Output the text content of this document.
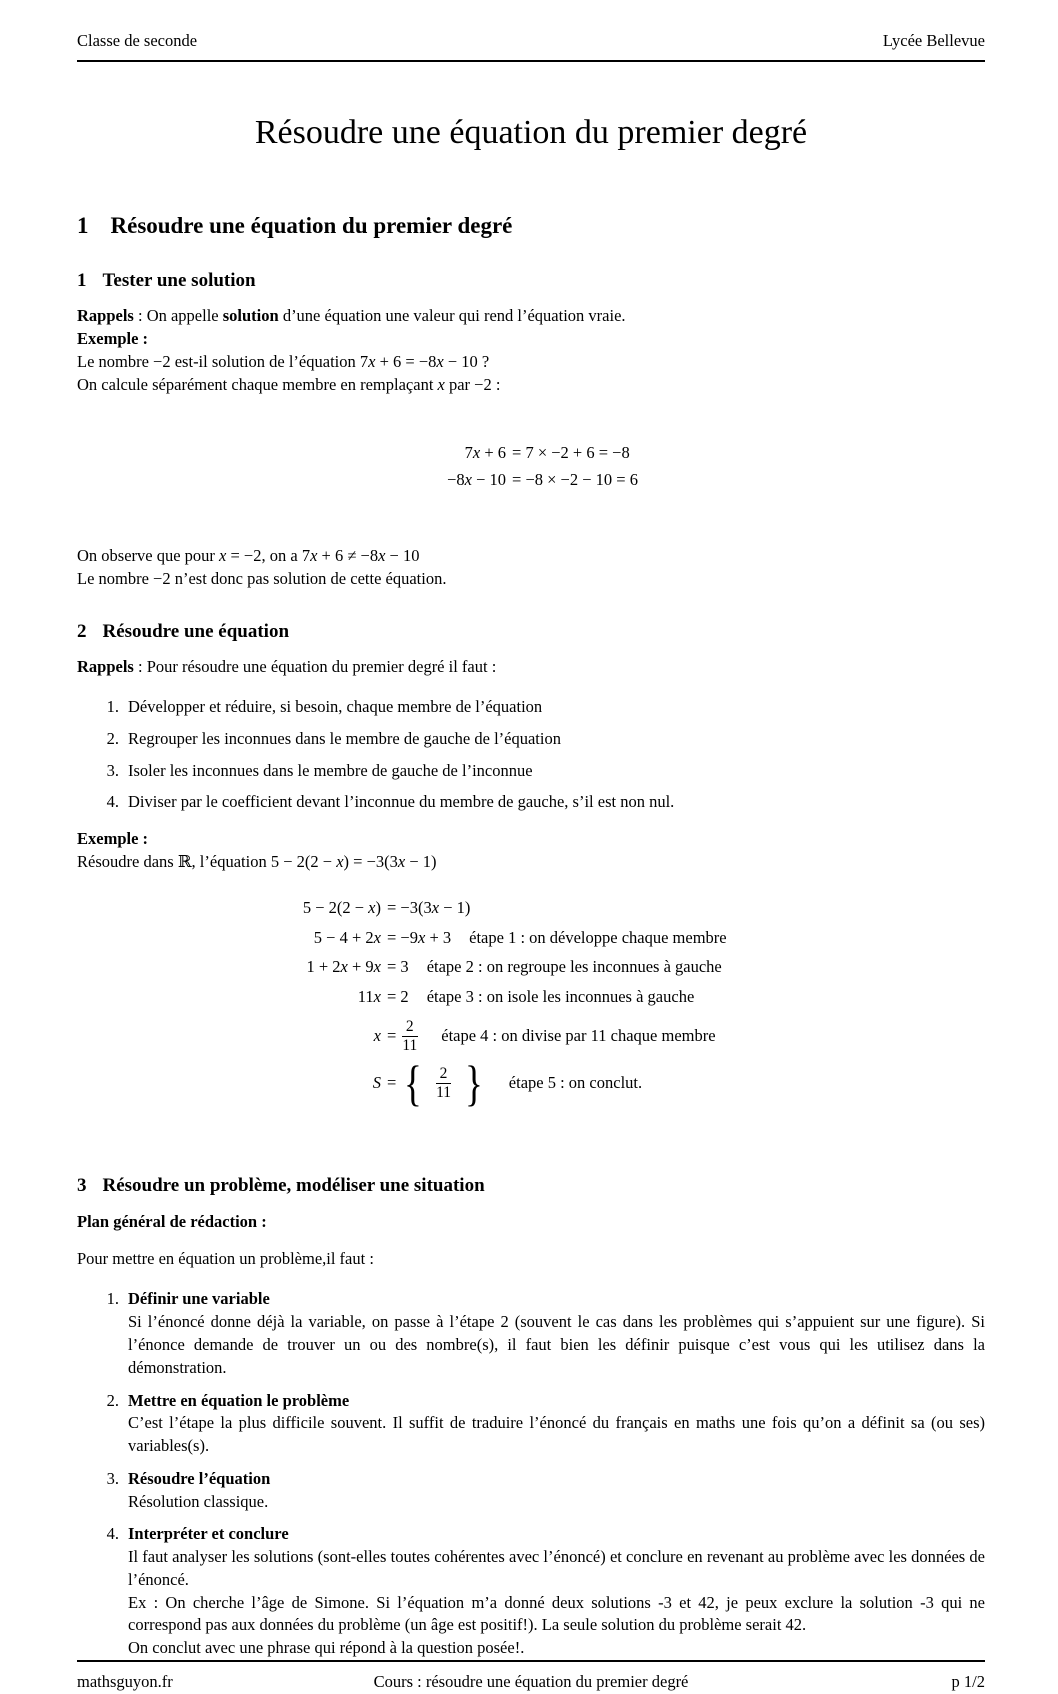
Classe de seconde	Lycée Bellevue
Résoudre une équation du premier degré
1 Résoudre une équation du premier degré
1 Tester une solution

Rappels : On appelle solution d’une équation une valeur qui rend l’équation vraie.

Exemple :

Le nombre −2 est-il solution de l’équation 7x + 6 = −8x − 10 ?

On calcule séparément chaque membre en remplaçant x par −2 :

7x + 6 = 7 × −2 + 6 = −8
−8x − 10 = −8 × −2 − 10 = 6

On observe que pour x = −2, on a 7x + 6 ≠ −8x − 10

Le nombre −2 n’est donc pas solution de cette équation.

2 Résoudre une équation

Rappels : Pour résoudre une équation du premier degré il faut :

1. Développer et réduire, si besoin, chaque membre de l’équation
2. Regrouper les inconnues dans le membre de gauche de l’équation
3. Isoler les inconnues dans le membre de gauche de l’inconnue
4. Diviser par le coefficient devant l’inconnue du membre de gauche, s’il est non nul.

Exemple :

Résoudre dans ℝ, l’équation 5 − 2(2 − x) = −3(3x − 1)

5 − 2(2 − x) = −3(3 x − 1)
5 − 4 + 2x = −9 x + 3 étape 1 : on développe chaque membre
1 + 2x + 9x = 3 étape 2 : on regroupe les inconnues à gauche
11x = 2 étape 3 : on isole les inconnues à gauche
$x = \frac{2}{11}$ étape 4 : on divise par 11 chaque membre
S = { $\frac{2}{11}$ } étape 5 : on conclut.
3 Résoudre un problème, modéliser une situation

Plan général de rédaction :

Pour mettre en équation un problème,il faut :

1. Définir une variable
Si l’énoncé donne déjà la variable, on passe à l’étape 2 (souvent le cas dans les problèmes qui s’appuient sur une figure). Si l’énonce demande de trouver un ou des nombre(s), il faut bien les définir puisque c’est vous qui les utilisez dans la démonstration.
2. Mettre en équation le problème
C’est l’étape la plus difficile souvent. Il suffit de traduire l’énoncé du français en maths une fois qu’on a définit sa (ou ses) variables(s).
3. Résoudre l’équation
Résolution classique.
4. Interpréter et conclure
Il faut analyser les solutions (sont-elles toutes cohérentes avec l’énoncé) et conclure en revenant au problème avec les données de l’énoncé.
Ex : On cherche l’âge de Simone. Si l’équation m’a donné deux solutions -3 et 42, je peux exclure la solution -3 qui ne correspond pas aux données du problème (un âge est positif!). La seule solution du problème serait 42.
On conclut avec une phrase qui répond à la question posée!.
mathsguyon.fr	Cours : résoudre une équation du premier degré	p 1/2
